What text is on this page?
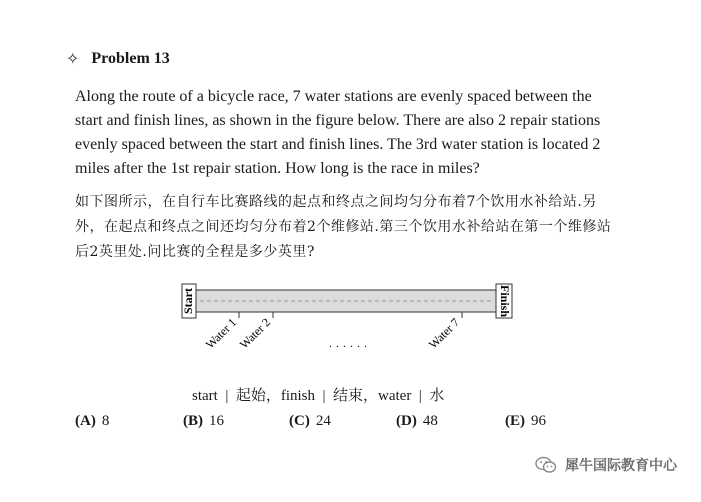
✧ Problem 13
Along the route of a bicycle race, 7 water stations are evenly spaced between the start and finish lines, as shown in the figure below. There are also 2 repair stations evenly spaced between the start and finish lines. The 3rd water station is located 2 miles after the 1st repair station. How long is the race in miles?
如下图所示，在自行车比赛路线的起点和终点之间均匀分布着7个饮用水补给站.另外，在起点和终点之间还均匀分布着2个维修站.第三个饮用水补给站在第一个维修站后2英里处.问比赛的全程是多少英里?
Start	Finish
Water 1
Water 2	Water 7
· · · · · ·
start  |  起始，finish  |  结束，water  |  水
(A) 8	(B) 16	(C) 24	(D) 48	(E) 96
犀牛国际教育中心
